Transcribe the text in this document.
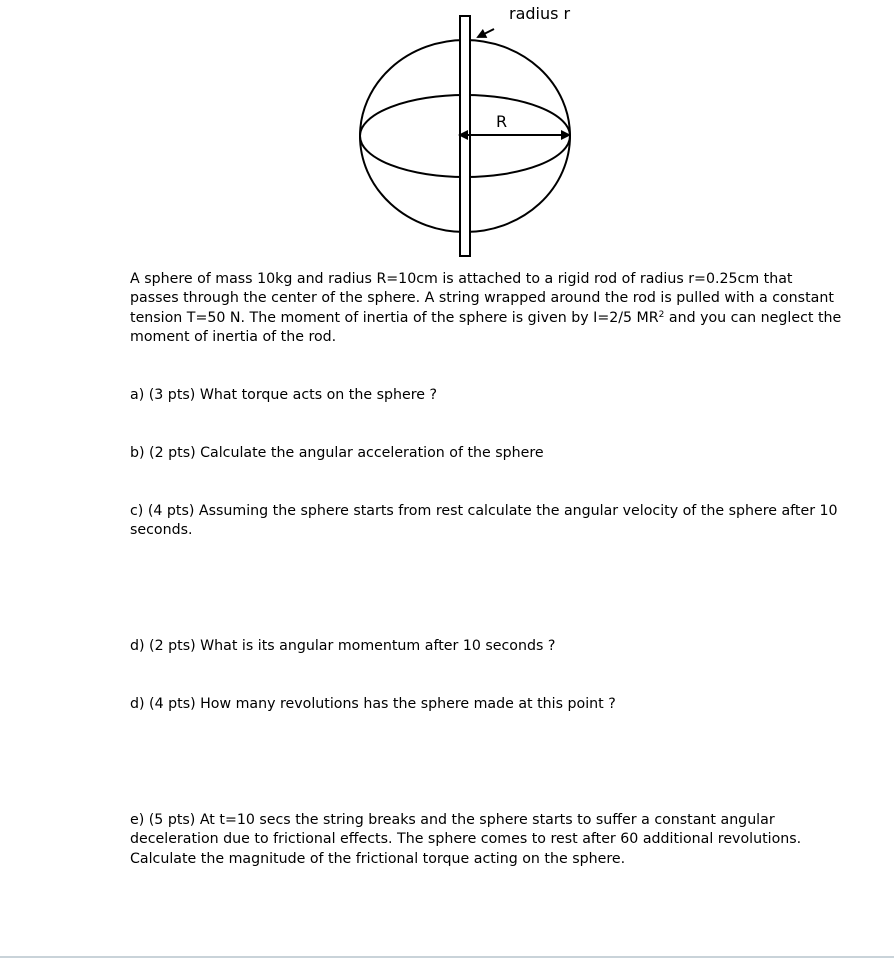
radius r
R
A sphere of mass 10kg and radius R=10cm is attached to a rigid rod of radius r=0.25cm that
passes through the center of the sphere. A string wrapped around the rod is pulled with a constant
tension T=50 N. The moment of inertia of the sphere is given by I=2/5 $MR^2$ and you can neglect the
moment of inertia of the rod.
a) (3 pts) What torque acts on the sphere ?
b) (2 pts) Calculate the angular acceleration of the sphere
c) (4 pts) Assuming the sphere starts from rest calculate the angular velocity of the sphere after 10
seconds.
d) (2 pts) What is its angular momentum after 10 seconds ?
d) (4 pts) How many revolutions has the sphere made at this point ?
e) (5 pts) At t=10 secs the string breaks and the sphere starts to suffer a constant angular
deceleration due to frictional effects. The sphere comes to rest after 60 additional revolutions.
Calculate the magnitude of the frictional torque acting on the sphere.
